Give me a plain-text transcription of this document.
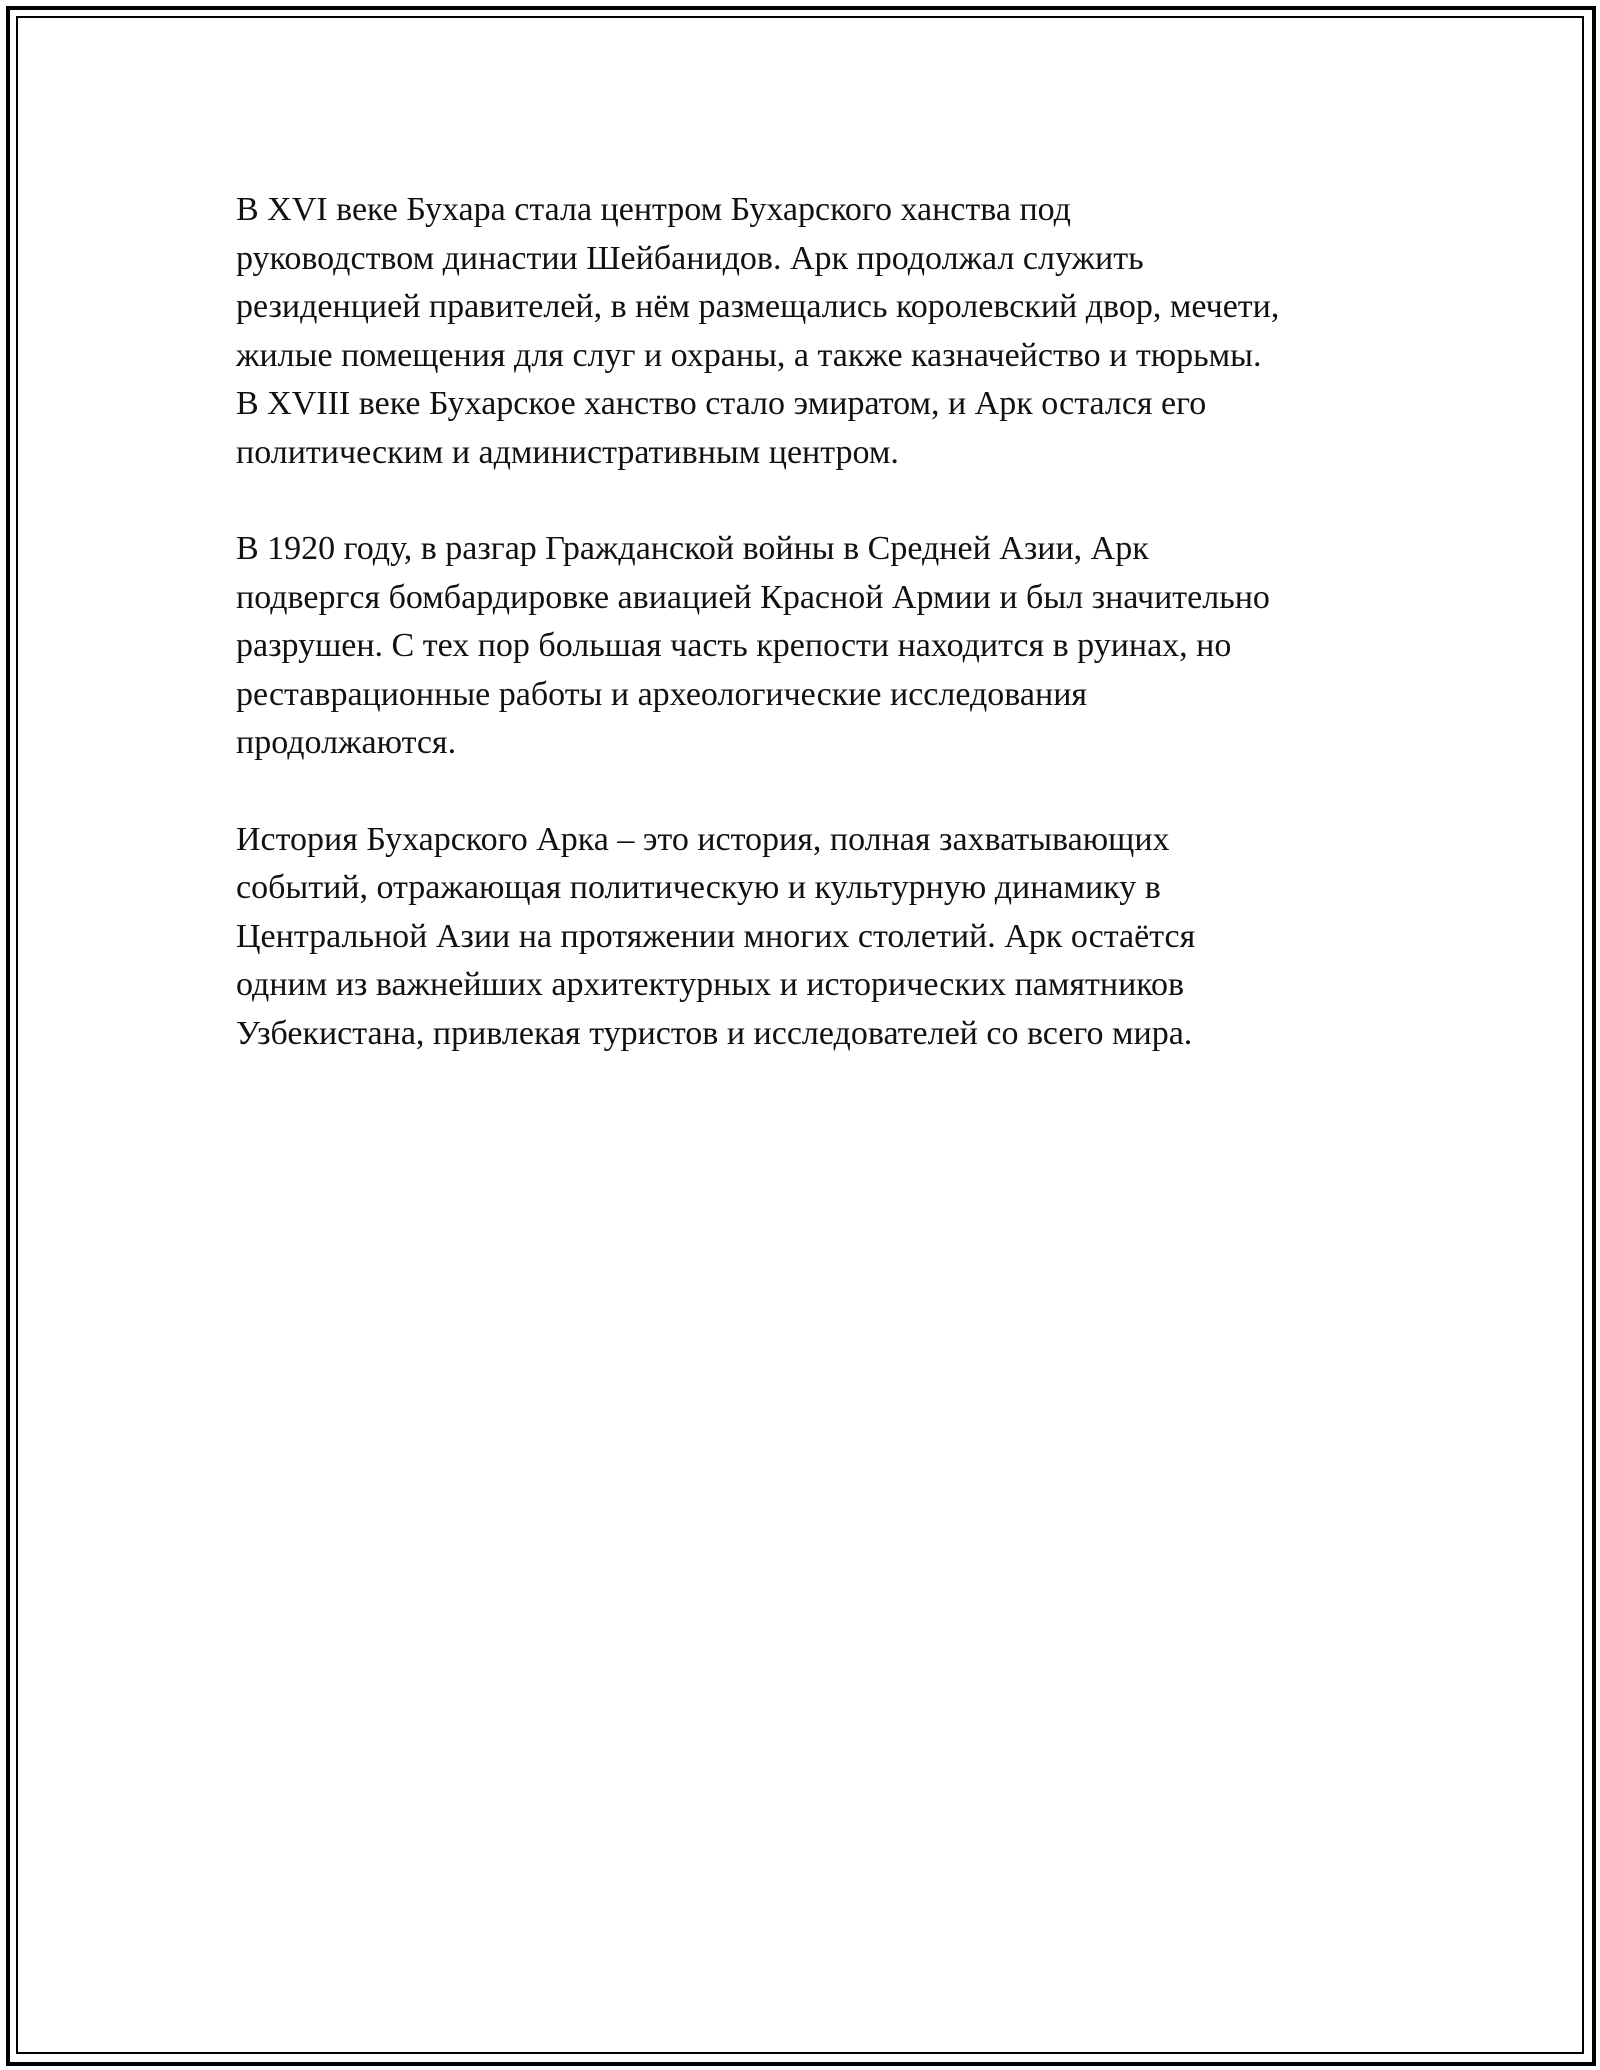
В XVI веке Бухара стала центром Бухарского ханства под
руководством династии Шейбанидов. Арк продолжал служить
резиденцией правителей, в нём размещались королевский двор, мечети,
жилые помещения для слуг и охраны, а также казначейство и тюрьмы.
В XVIII веке Бухарское ханство стало эмиратом, и Арк остался его
политическим и административным центром.

В 1920 году, в разгар Гражданской войны в Средней Азии, Арк
подвергся бомбардировке авиацией Красной Армии и был значительно
разрушен. С тех пор большая часть крепости находится в руинах, но
реставрационные работы и археологические исследования
продолжаются.

История Бухарского Арка – это история, полная захватывающих
событий, отражающая политическую и культурную динамику в
Центральной Азии на протяжении многих столетий. Арк остаётся
одним из важнейших архитектурных и исторических памятников
Узбекистана, привлекая туристов и исследователей со всего мира.
